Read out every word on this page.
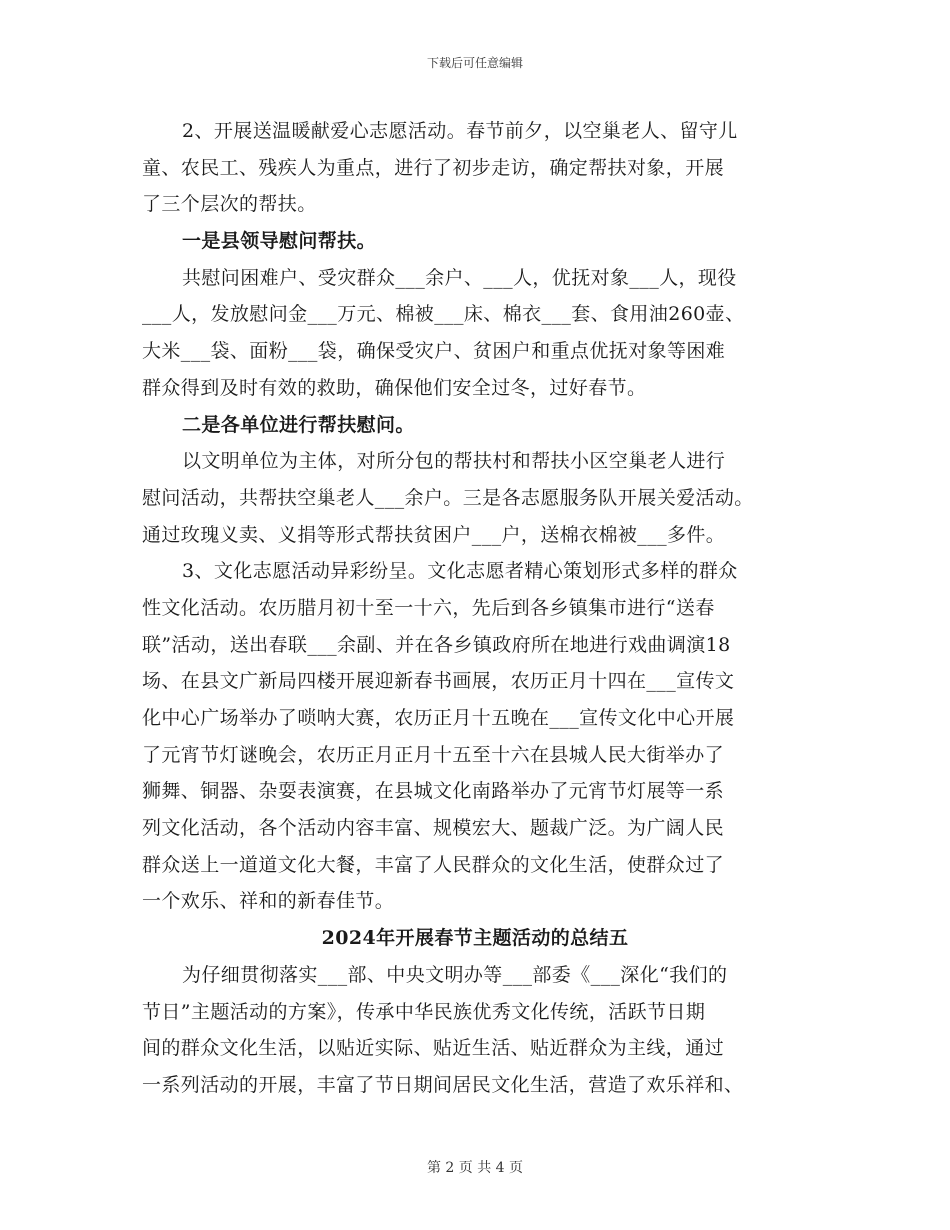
下载后可任意编辑
2、开展送温暖献爱心志愿活动。春节前夕，以空巢老人、留守儿
童、农民工、残疾人为重点，进行了初步走访，确定帮扶对象，开展
了三个层次的帮扶。
一是县领导慰问帮扶。
共慰问困难户、受灾群众___余户、___人，优抚对象___人，现役
___人，发放慰问金___万元、棉被___床、棉衣___套、食用油260壶、
大米___袋、面粉___袋，确保受灾户、贫困户和重点优抚对象等困难
群众得到及时有效的救助，确保他们安全过冬，过好春节。
二是各单位进行帮扶慰问。
以文明单位为主体，对所分包的帮扶村和帮扶小区空巢老人进行
慰问活动，共帮扶空巢老人___余户。三是各志愿服务队开展关爱活动。
通过玫瑰义卖、义捐等形式帮扶贫困户___户，送棉衣棉被___多件。
3、文化志愿活动异彩纷呈。文化志愿者精心策划形式多样的群众
性文化活动。农历腊月初十至一十六，先后到各乡镇集市进行“送春
联”活动，送出春联___余副、并在各乡镇政府所在地进行戏曲调演18
场、在县文广新局四楼开展迎新春书画展，农历正月十四在___宣传文
化中心广场举办了唢呐大赛，农历正月十五晚在___宣传文化中心开展
了元宵节灯谜晚会，农历正月正月十五至十六在县城人民大街举办了
狮舞、铜器、杂耍表演赛，在县城文化南路举办了元宵节灯展等一系
列文化活动，各个活动内容丰富、规模宏大、题裁广泛。为广阔人民
群众送上一道道文化大餐，丰富了人民群众的文化生活，使群众过了
一个欢乐、祥和的新春佳节。
2024年开展春节主题活动的总结五
为仔细贯彻落实___部、中央文明办等___部委《___深化“我们的
节日”主题活动的方案》，传承中华民族优秀文化传统，活跃节日期
间的群众文化生活，以贴近实际、贴近生活、贴近群众为主线，通过
一系列活动的开展，丰富了节日期间居民文化生活，营造了欢乐祥和、
第 2 页 共 4 页
